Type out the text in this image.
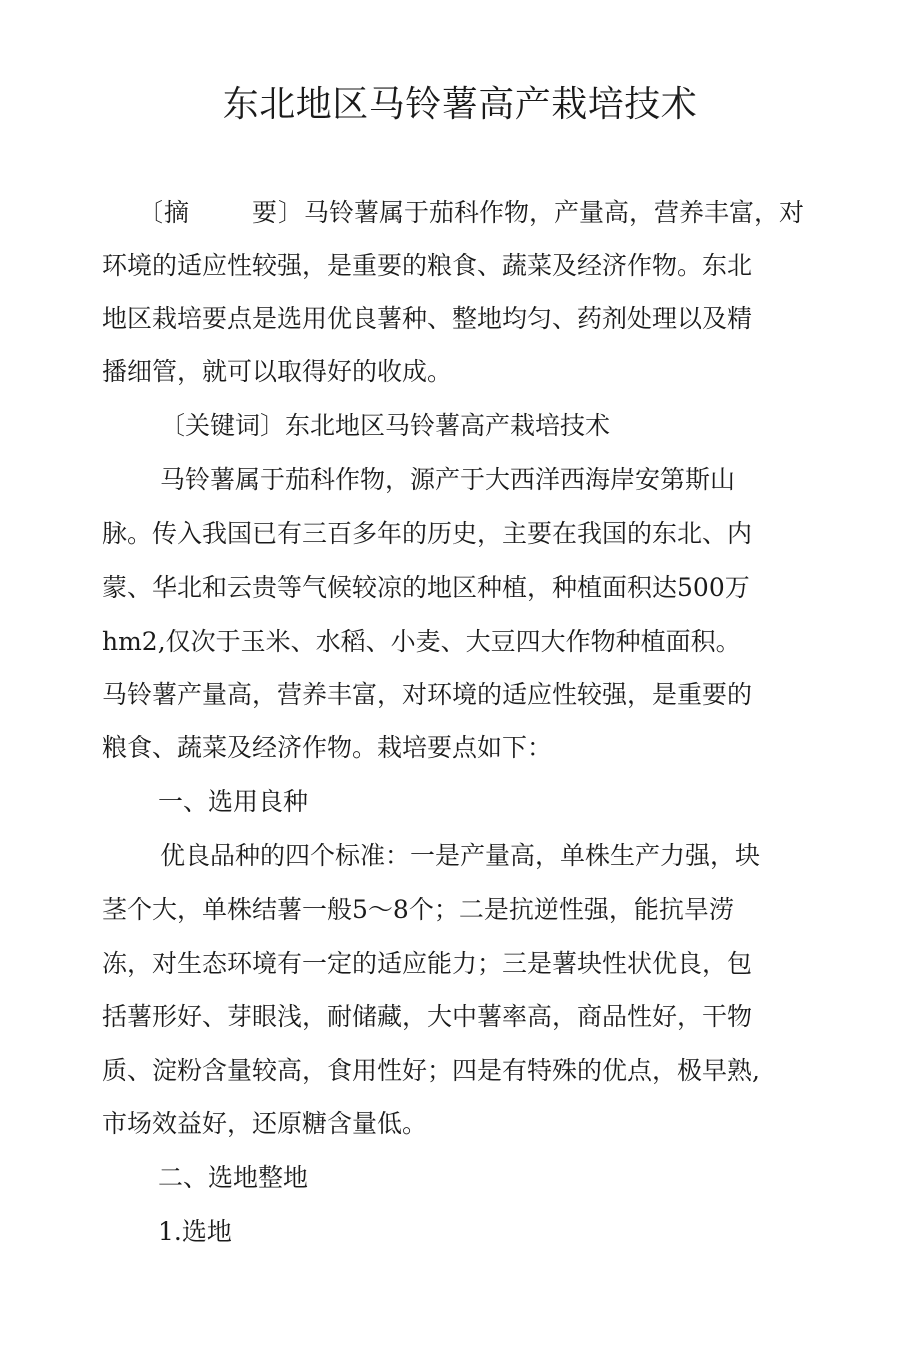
东北地区马铃薯高产栽培技术
〔摘 要〕马铃薯属于茄科作物，产量高，营养丰富，对
环境的适应性较强，是重要的粮食、蔬菜及经济作物。东北
地区栽培要点是选用优良薯种、整地均匀、药剂处理以及精
播细管，就可以取得好的收成。
〔关键词〕东北地区马铃薯高产栽培技术
马铃薯属于茄科作物，源产于大西洋西海岸安第斯山
脉。传入我国已有三百多年的历史，主要在我国的东北、内
蒙、华北和云贵等气候较凉的地区种植，种植面积达500万
hm2,仅次于玉米、水稻、小麦、大豆四大作物种植面积。
马铃薯产量高，营养丰富，对环境的适应性较强，是重要的
粮食、蔬菜及经济作物。栽培要点如下：
一、选用良种
优良品种的四个标准：一是产量高，单株生产力强，块
茎个大，单株结薯一般5～8个；二是抗逆性强，能抗旱涝
冻，对生态环境有一定的适应能力；三是薯块性状优良，包
括薯形好、芽眼浅，耐储藏，大中薯率高，商品性好，干物
质、淀粉含量较高，食用性好；四是有特殊的优点，极早熟,
市场效益好，还原糖含量低。
二、选地整地
1.选地
